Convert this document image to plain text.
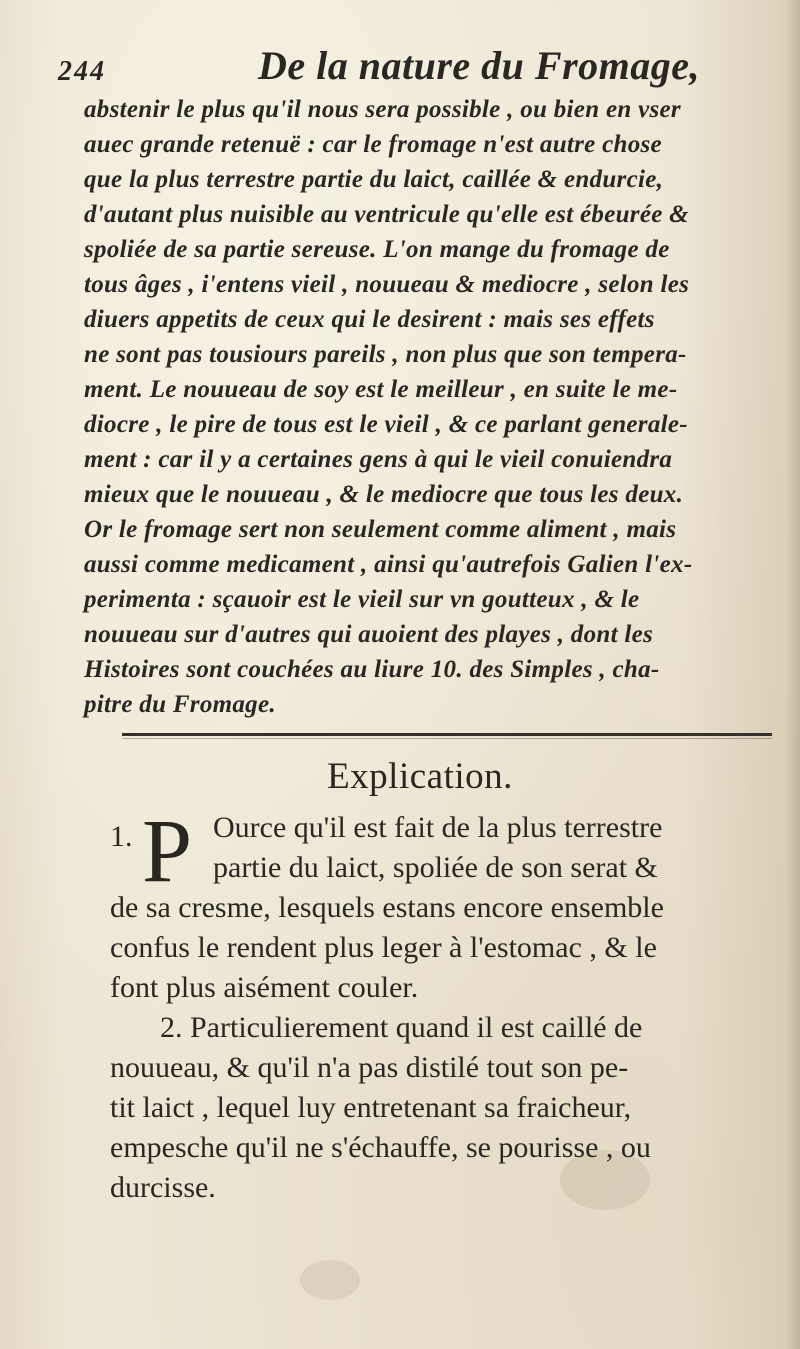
244	De la nature du Fromage,
abstenir le plus qu'il nous sera possible , ou bien en vser
auec grande retenuë : car le fromage n'est autre chose
que la plus terrestre partie du laict, caillée & endurcie,
d'autant plus nuisible au ventricule qu'elle est ébeurée &
spoliée de sa partie sereuse. L'on mange du fromage de
tous âges , i'entens vieil , nouueau & mediocre , selon les
diuers appetits de ceux qui le desirent : mais ses effets
ne sont pas tousiours pareils , non plus que son tempera-
ment. Le nouueau de soy est le meilleur , en suite le me-
diocre , le pire de tous est le vieil , & ce parlant generale-
ment : car il y a certaines gens à qui le vieil conuiendra
mieux que le nouueau , & le mediocre que tous les deux.
Or le fromage sert non seulement comme aliment , mais
aussi comme medicament , ainsi qu'autrefois Galien l'ex-
perimenta : sçauoir est le vieil sur vn goutteux , & le
nouueau sur d'autres qui auoient des playes , dont les
Histoires sont couchées au liure 10. des Simples , cha-
pitre du Fromage.
Explication.
1. P Ource qu'il est fait de la plus terrestre
partie du laict, spoliée de son serat &
de sa cresme, lesquels estans encore ensemble
confus le rendent plus leger à l'estomac , & le
font plus aisément couler.
2. Particulierement quand il est caillé de
nouueau, & qu'il n'a pas distilé tout son pe-
tit laict , lequel luy entretenant sa fraicheur,
empesche qu'il ne s'échauffe, se pourisse , ou
durcisse.
